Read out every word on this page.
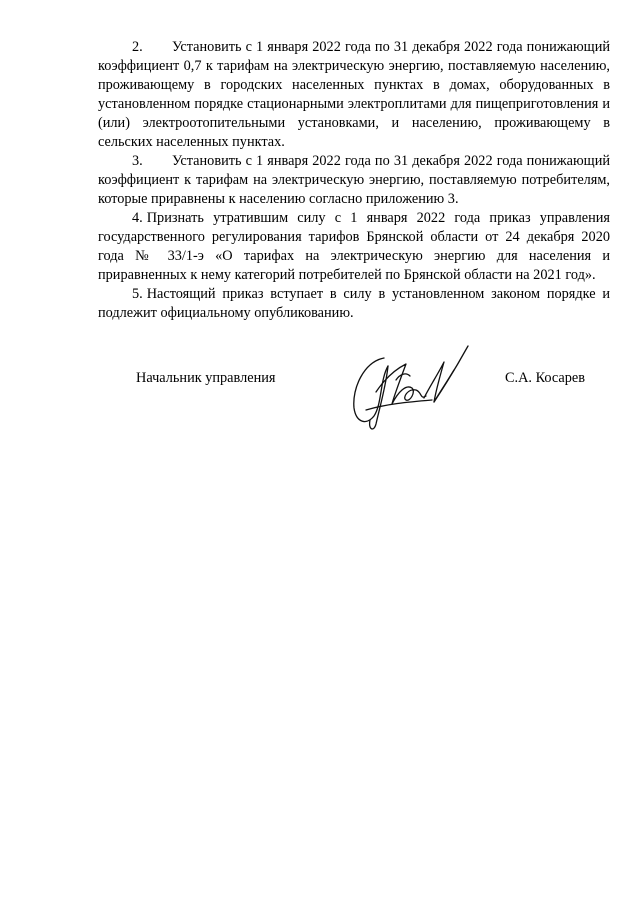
2. Установить с 1 января 2022 года по 31 декабря 2022 года понижающий коэффициент 0,7 к тарифам на электрическую энергию, поставляемую населению, проживающему в городских населенных пунктах в домах, оборудованных в установленном порядке стационарными электроплитами для пищеприготовления и (или) электроотопительными установками, и населению, проживающему в сельских населенных пунктах.

3. Установить с 1 января 2022 года по 31 декабря 2022 года понижающий коэффициент к тарифам на электрическую энергию, поставляемую потребителям, которые приравнены к населению согласно приложению 3.

4. Признать утратившим силу с 1 января 2022 года приказ управления государственного регулирования тарифов Брянской области от 24 декабря 2020 года № 33/1-э «О тарифах на электрическую энергию для населения и приравненных к нему категорий потребителей по Брянской области на 2021 год».

5. Настоящий приказ вступает в силу в установленном законом порядке и подлежит официальному опубликованию.

Начальник управления	С.А. Косарев
